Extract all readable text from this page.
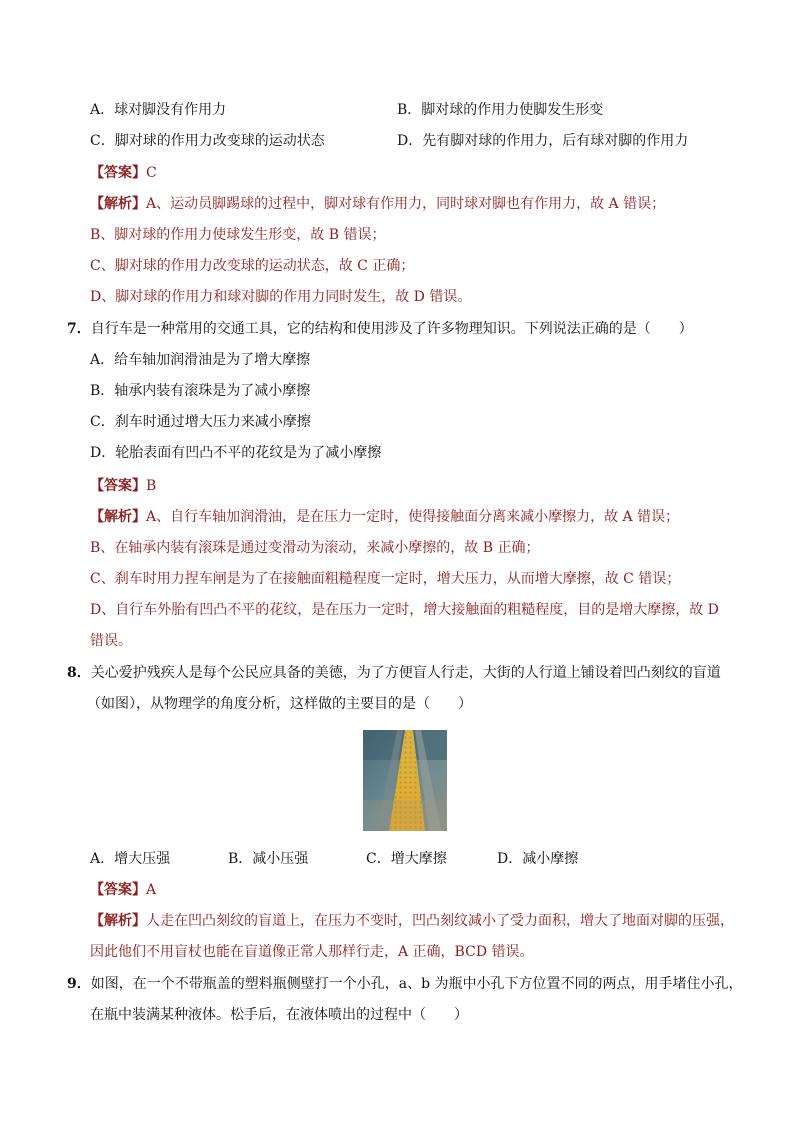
A．球对脚没有作用力	B．脚对球的作用力使脚发生形变
C．脚对球的作用力改变球的运动状态	D．先有脚对球的作用力，后有球对脚的作用力
【答案】C
【解析】A、运动员脚踢球的过程中，脚对球有作用力，同时球对脚也有作用力，故 A 错误；
B、脚对球的作用力使球发生形变，故 B 错误；
C、脚对球的作用力改变球的运动状态，故 C 正确；
D、脚对球的作用力和球对脚的作用力同时发生，故 D 错误。
7．自行车是一种常用的交通工具，它的结构和使用涉及了许多物理知识。下列说法正确的是（　　）
A．给车轴加润滑油是为了增大摩擦
B．轴承内装有滚珠是为了减小摩擦
C．刹车时通过增大压力来减小摩擦
D．轮胎表面有凹凸不平的花纹是为了减小摩擦
【答案】B
【解析】A、自行车轴加润滑油，是在压力一定时，使得接触面分离来减小摩擦力，故 A 错误；
B、在轴承内装有滚珠是通过变滑动为滚动，来减小摩擦的，故 B 正确；
C、刹车时用力捏车闸是为了在接触面粗糙程度一定时，增大压力，从而增大摩擦，故 C 错误；
D、自行车外胎有凹凸不平的花纹，是在压力一定时，增大接触面的粗糙程度，目的是增大摩擦，故 D
错误。
8．关心爱护残疾人是每个公民应具备的美德，为了方便盲人行走，大街的人行道上铺设着凹凸刻纹的盲道
（如图），从物理学的角度分析，这样做的主要目的是（　　）
A．增大压强	B．减小压强	C．增大摩擦	D．减小摩擦
【答案】A
【解析】人走在凹凸刻纹的盲道上，在压力不变时，凹凸刻纹减小了受力面积，增大了地面对脚的压强，
因此他们不用盲杖也能在盲道像正常人那样行走，A 正确，BCD 错误。
9．如图，在一个不带瓶盖的塑料瓶侧壁打一个小孔，a、b 为瓶中小孔下方位置不同的两点，用手堵住小孔，
在瓶中装满某种液体。松手后，在液体喷出的过程中（　　）
